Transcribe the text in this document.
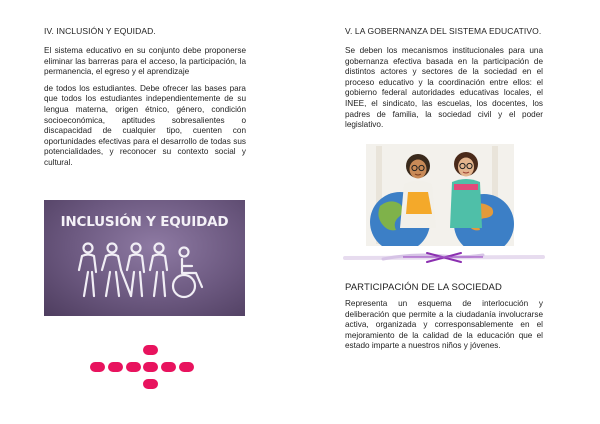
IV. INCLUSIÓN Y EQUIDAD.

El sistema educativo en su conjunto debe proponerse eliminar las barreras para el acceso, la participación, la permanencia, el egreso y el aprendizaje

de todos los estudiantes. Debe ofrecer las bases para que todos los estudiantes independientemente de su lengua materna, origen étnico, género, condición socioeconómica, aptitudes sobresalientes o discapacidad de cualquier tipo, cuenten con oportunidades efectivas para el desarrollo de todas sus potencialidades, y reconocer su contexto social y cultural.

INCLUSIÓN Y EQUIDAD
V. LA GOBERNANZA DEL SISTEMA EDUCATIVO.

Se deben los mecanismos institucionales para una gobernanza efectiva basada en la participación de distintos actores y sectores de la sociedad en el proceso educativo y la coordinación entre ellos: el gobierno federal autoridades educativas locales, el INEE, el sindicato, las escuelas, los docentes, los padres de familia, la sociedad civil y el poder legislativo.

PARTICIPACIÓN DE LA SOCIEDAD

Representa un esquema de interlocución y deliberación que permite a la ciudadanía involucrarse activa, organizada y corresponsablemente en el mejoramiento de la calidad de la educación que el estado imparte a nuestros niños y jóvenes.
